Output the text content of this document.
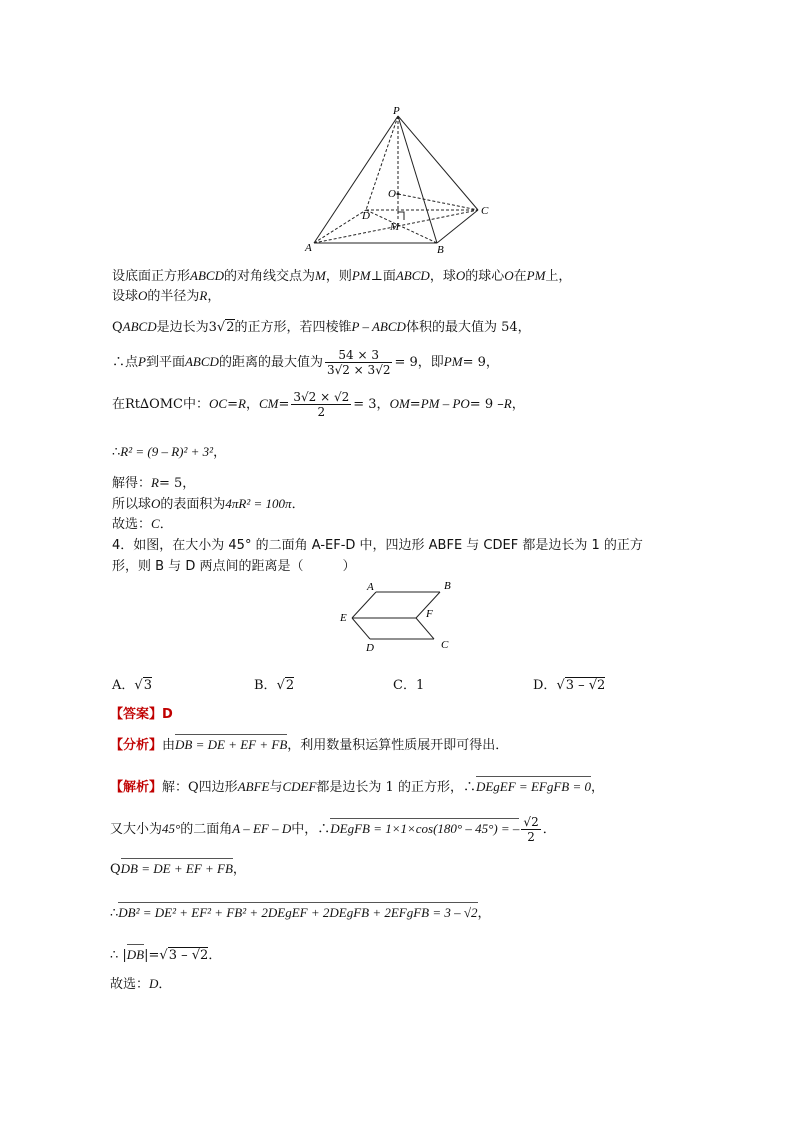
P
O
D	C
M
A	B
设底面正方形ABCD的对角线交点为M，则PM⊥面ABCD，球O的球心O在PM上，
设球O的半径为R，
QABCD是边长为3√2的正方形，若四棱锥P – ABCD体积的最大值为 54，
∴点P到平面ABCD的距离的最大值为 $\frac{54 \times 3}{3√2 \times 3√2} = 9$，即PM= 9，
在Rt∆OMC中：OC=R，$CM= \frac{3√2 \times √2}{2} = 3$，OM=PM – PO= 9 –R，
∴R² = (9 – R)² + 3²，
解得：R= 5，
所以球O的表面积为4πR² = 100π．
故选：C．
4．如图，在大小为 45° 的二面角 A-EF-D 中，四边形 ABFE 与 CDEF 都是边长为 1 的正方
形，则 B 与 D 两点间的距离是（　　　）
A	B
E	F
D	C
A．√3	B．√2	C．1	D．√3 – √2
【答案】D
【分析】由DB = DE + EF + FB，利用数量积运算性质展开即可得出．
【解析】解：Q四边形ABFE与CDEF都是边长为 1 的正方形，∴DEgEF = EFgFB = 0，
又大小为45°的二面角A – EF – D中，∴DEgFB = 1×1×cos(180° – 45°) = – $\frac{√2}{2}$ ．
QDB = DE + EF + FB，
∴DB² = DE² + EF² + FB² + 2DEgEF + 2DEgFB + 2EFgFB = 3 – √2，
∴ |DB|=√3 – √2．
故选：D．
